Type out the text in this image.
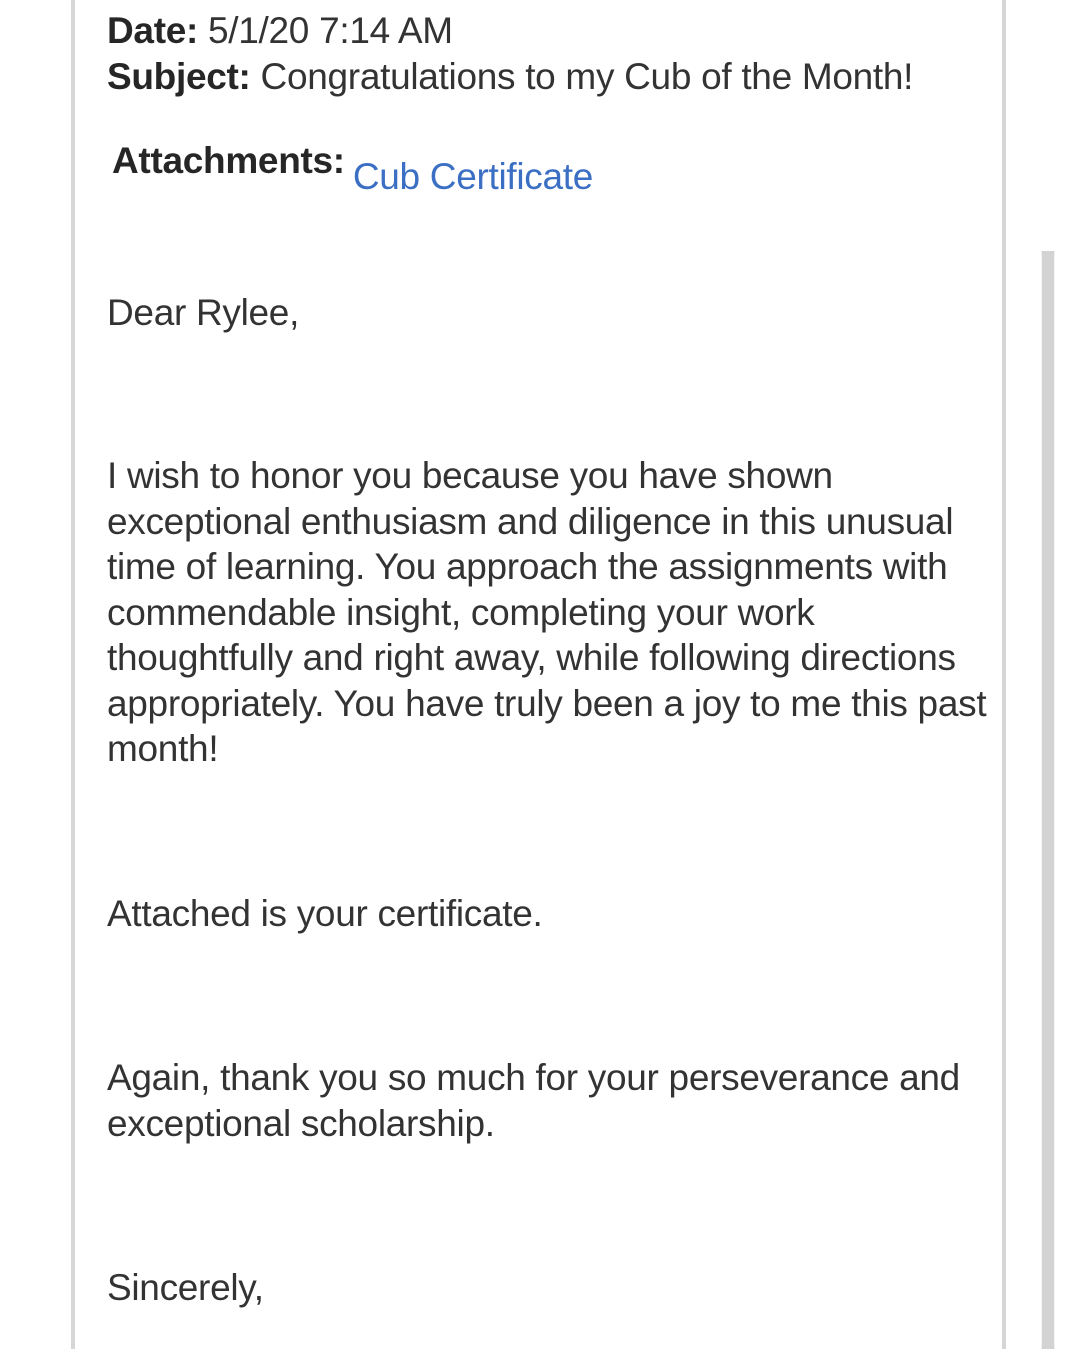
Date: 5/1/20 7:14 AM
Subject: Congratulations to my Cub of the Month!
Attachments: Cub Certificate

Dear Rylee,

I wish to honor you because you have shown exceptional enthusiasm and diligence in this unusual time of learning. You approach the assignments with commendable insight, completing your work thoughtfully and right away, while following directions appropriately. You have truly been a joy to me this past month!

Attached is your certificate.

Again, thank you so much for your perseverance and exceptional scholarship.

Sincerely,
